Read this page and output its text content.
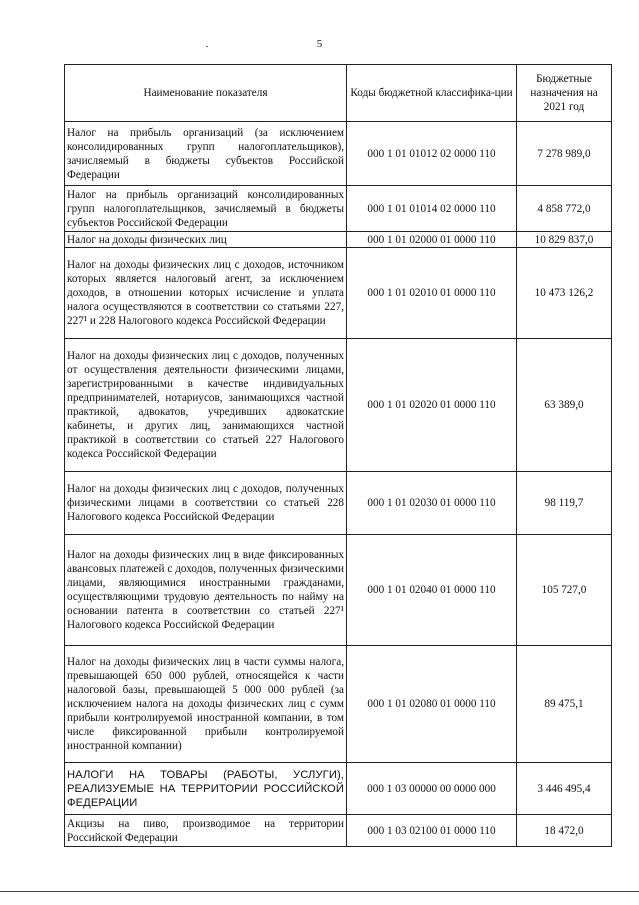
5
Наименование показателя	Коды бюджетной классифика-ции	Бюджетные назначения на 2021 год
Налог на прибыль организаций (за исключением консолидированных групп налогоплательщиков), зачисляемый в бюджеты субъектов Российской Федерации	000 1 01 01012 02 0000 110	7 278 989,0
Налог на прибыль организаций консолидированных групп налогоплательщиков, зачисляемый в бюджеты субъектов Российской Федерации	000 1 01 01014 02 0000 110	4 858 772,0
Налог на доходы физических лиц	000 1 01 02000 01 0000 110	10 829 837,0
Налог на доходы физических лиц с доходов, источником которых является налоговый агент, за исключением доходов, в отношении которых исчисление и уплата налога осуществляются в соответствии со статьями 227, 227¹ и 228 Налогового кодекса Российской Федерации	000 1 01 02010 01 0000 110	10 473 126,2
Налог на доходы физических лиц с доходов, полученных от осуществления деятельности физическими лицами, зарегистрированными в качестве индивидуальных предпринимателей, нотариусов, занимающихся частной практикой, адвокатов, учредивших адвокатские кабинеты, и других лиц, занимающихся частной практикой в соответствии со статьей 227 Налогового кодекса Российской Федерации	000 1 01 02020 01 0000 110	63 389,0
Налог на доходы физических лиц с доходов, полученных физическими лицами в соответствии со статьей 228 Налогового кодекса Российской Федерации	000 1 01 02030 01 0000 110	98 119,7
Налог на доходы физических лиц в виде фиксированных авансовых платежей с доходов, полученных физическими лицами, являющимися иностранными гражданами, осуществляющими трудовую деятельность по найму на основании патента в соответствии со статьей 227¹ Налогового кодекса Российской Федерации	000 1 01 02040 01 0000 110	105 727,0
Налог на доходы физических лиц в части суммы налога, превышающей 650 000 рублей, относящейся к части налоговой базы, превышающей 5 000 000 рублей (за исключением налога на доходы физических лиц с сумм прибыли контролируемой иностранной компании, в том числе фиксированной прибыли контролируемой иностранной компании)	000 1 01 02080 01 0000 110	89 475,1
НАЛОГИ НА ТОВАРЫ (РАБОТЫ, УСЛУГИ), РЕАЛИЗУЕМЫЕ НА ТЕРРИТОРИИ РОССИЙСКОЙ ФЕДЕРАЦИИ	000 1 03 00000 00 0000 000	3 446 495,4
Акцизы на пиво, производимое на территории Российской Федерации	000 1 03 02100 01 0000 110	18 472,0
